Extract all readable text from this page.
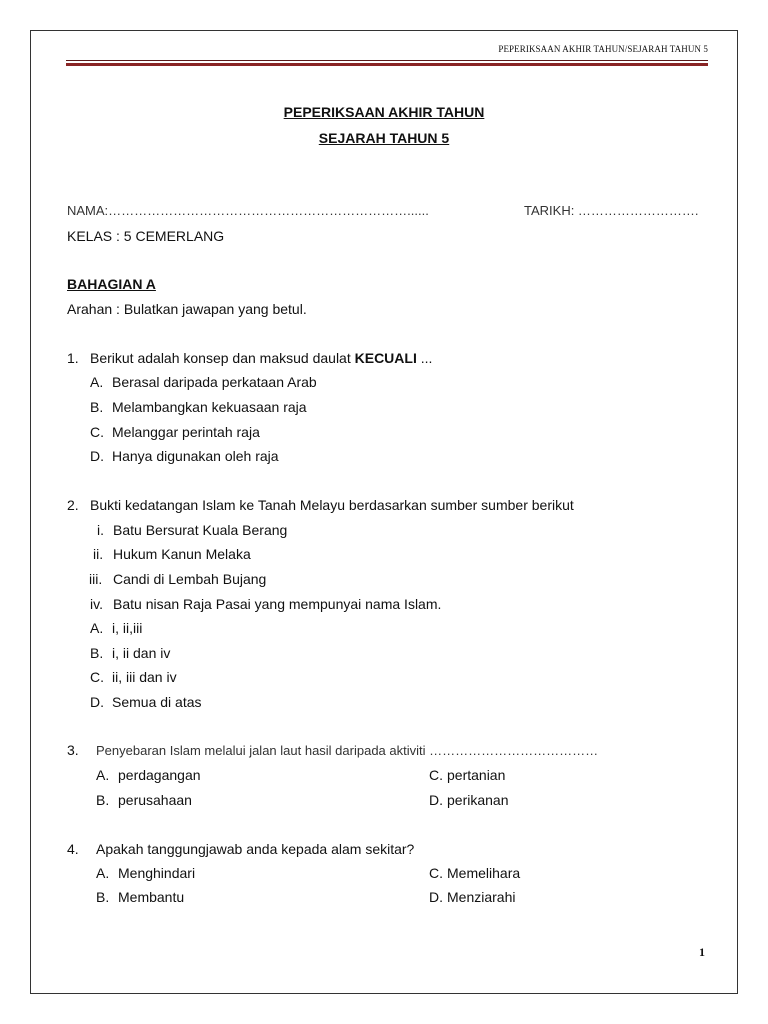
PEPERIKSAAN AKHIR TAHUN/SEJARAH TAHUN 5
PEPERIKSAAN AKHIR TAHUN
SEJARAH TAHUN 5
NAMA:……………………………………………………………......	TARIKH: ……………………….
KELAS : 5 CEMERLANG
BAHAGIAN A
Arahan : Bulatkan jawapan yang betul.
1. Berikut adalah konsep dan maksud daulat KECUALI ...
A. Berasal daripada perkataan Arab
B. Melambangkan kekuasaan raja
C. Melanggar perintah raja
D. Hanya digunakan oleh raja
2. Bukti kedatangan Islam ke Tanah Melayu berdasarkan sumber sumber berikut
i. Batu Bersurat Kuala Berang
ii. Hukum Kanun Melaka
iii. Candi di Lembah Bujang
iv. Batu nisan Raja Pasai yang mempunyai nama Islam.
A. i, ii,iii
B. i, ii dan iv
C. ii, iii dan iv
D. Semua di atas
3. Penyebaran Islam melalui jalan laut hasil daripada aktiviti …………………………………
A. perdagangan
B. perusahaan
C. pertanian
D. perikanan
4. Apakah tanggungjawab anda kepada alam sekitar?
A. Menghindari
B. Membantu
C. Memelihara
D. Menziarahi
1
